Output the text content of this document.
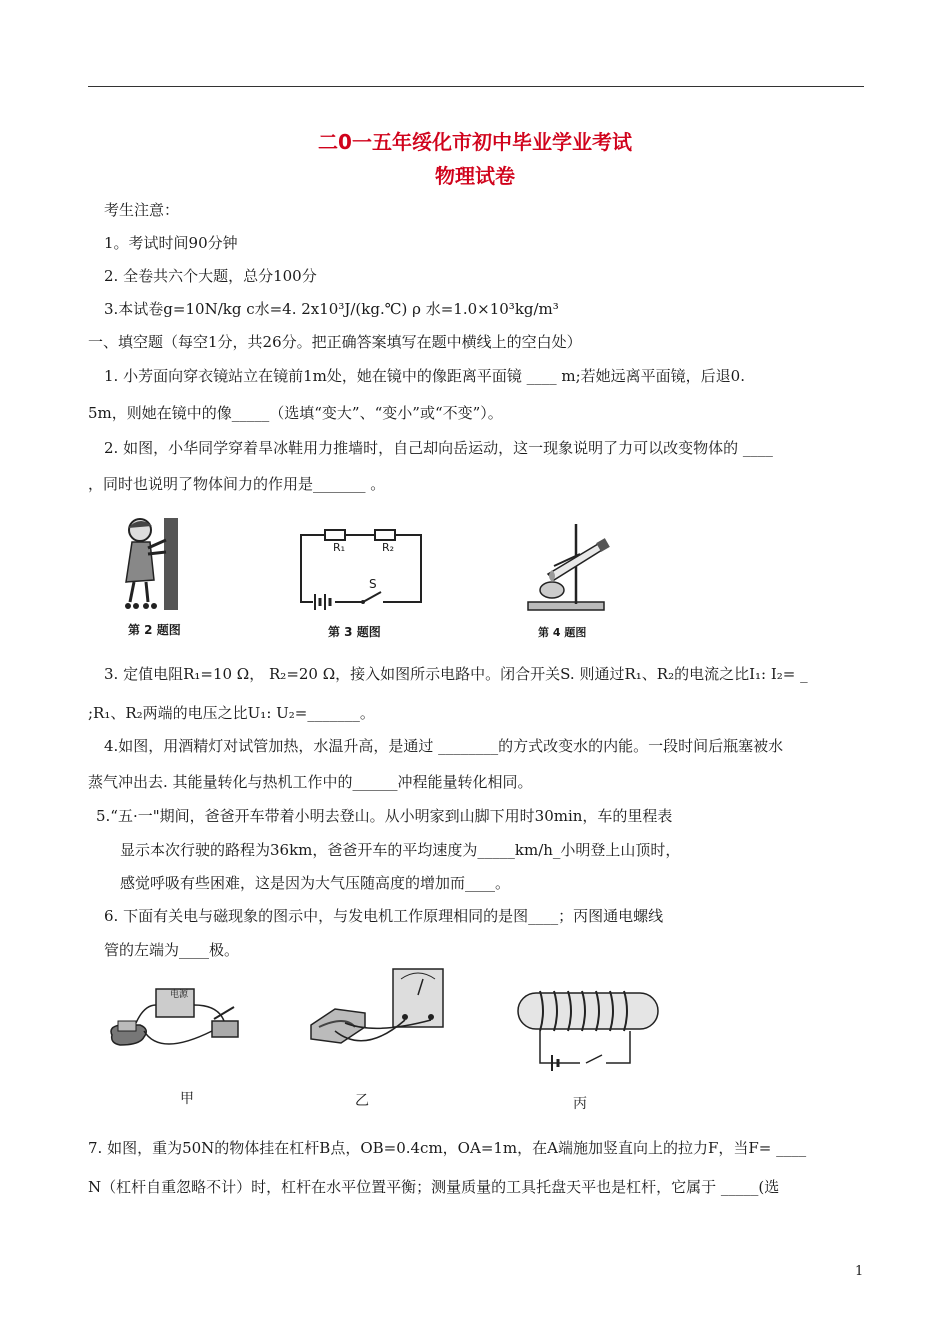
二0一五年绥化市初中毕业学业考试
物理试卷
考生注意：
1。考试时间90分钟
2. 全卷共六个大题，总分100分
3.本试卷g=10N/kg c水=4. 2x10³J/(kg.℃) ρ 水=1.0×10³kg/m³
一、填空题（每空1分，共26分。把正确答案填写在题中横线上的空白处）
1. 小芳面向穿衣镜站立在镜前1m处，她在镜中的像距离平面镜 ____ m;若她远离平面镜，后退0.
5m，则她在镜中的像_____（选填“变大”、“变小”或“不变”）。
2. 如图，小华同学穿着旱冰鞋用力推墙时，自己却向岳运动，这一现象说明了力可以改变物体的 ____
，同时也说明了物体间力的作用是_______ 。
第 2 题图
R₁	R₂
S
第 3 题图	第 4 题图
3. 定值电阻R₁=10 Ω， R₂=20 Ω，接入如图所示电路中。闭合开关S. 则通过R₁、R₂的电流之比I₁: I₂= _
;R₁、R₂两端的电压之比U₁: U₂=_______。
4.如图，用酒精灯对试管加热，水温升高，是通过 ________的方式改变水的内能。一段时间后瓶塞被水
蒸气冲出去. 其能量转化与热机工作中的______冲程能量转化相同。
5.“五·一"期间，爸爸开车带着小明去登山。从小明家到山脚下用时30min，车的里程表
显示本次行驶的路程为36km，爸爸开车的平均速度为_____km/h_小明登上山顶时，
感觉呼吸有些困难，这是因为大气压随高度的增加而____。
6. 下面有关电与磁现象的图示中，与发电机工作原理相同的是图____；丙图通电螺线
管的左端为____极。
电源
甲	乙	丙
7. 如图，重为50N的物体挂在杠杆B点，OB=0.4cm，OA=1m，在A端施加竖直向上的拉力F，当F= ____
N（杠杆自重忽略不计）时，杠杆在水平位置平衡；测量质量的工具托盘天平也是杠杆，它属于 _____(选
1
